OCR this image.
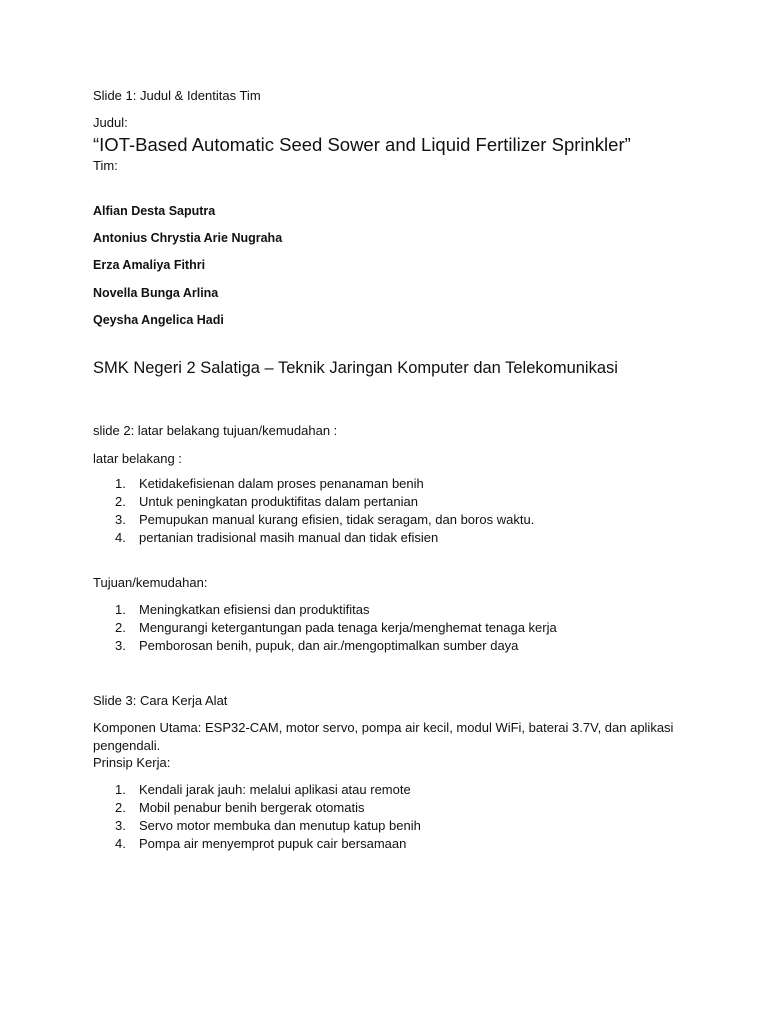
Slide 1: Judul & Identitas Tim
Judul:
“IOT-Based Automatic Seed Sower and Liquid Fertilizer Sprinkler”
Tim:
Alfian Desta Saputra
Antonius Chrystia Arie Nugraha
Erza Amaliya Fithri
Novella Bunga Arlina
Qeysha Angelica Hadi
SMK Negeri 2 Salatiga – Teknik Jaringan Komputer dan Telekomunikasi
slide 2: latar belakang tujuan/kemudahan :
latar belakang :
1. Ketidakefisienan dalam proses penanaman benih
2. Untuk peningkatan produktifitas dalam pertanian
3. Pemupukan manual kurang efisien, tidak seragam, dan boros waktu.
4. pertanian tradisional masih manual dan tidak efisien
Tujuan/kemudahan:
1. Meningkatkan efisiensi dan produktifitas
2. Mengurangi ketergantungan pada tenaga kerja/menghemat tenaga kerja
3. Pemborosan benih, pupuk, dan air./mengoptimalkan sumber daya
Slide 3: Cara Kerja Alat
Komponen Utama: ESP32-CAM, motor servo, pompa air kecil, modul WiFi, baterai 3.7V, dan aplikasi pengendali.
Prinsip Kerja:
1. Kendali jarak jauh: melalui aplikasi atau remote
2. Mobil penabur benih bergerak otomatis
3. Servo motor membuka dan menutup katup benih
4. Pompa air menyemprot pupuk cair bersamaan
